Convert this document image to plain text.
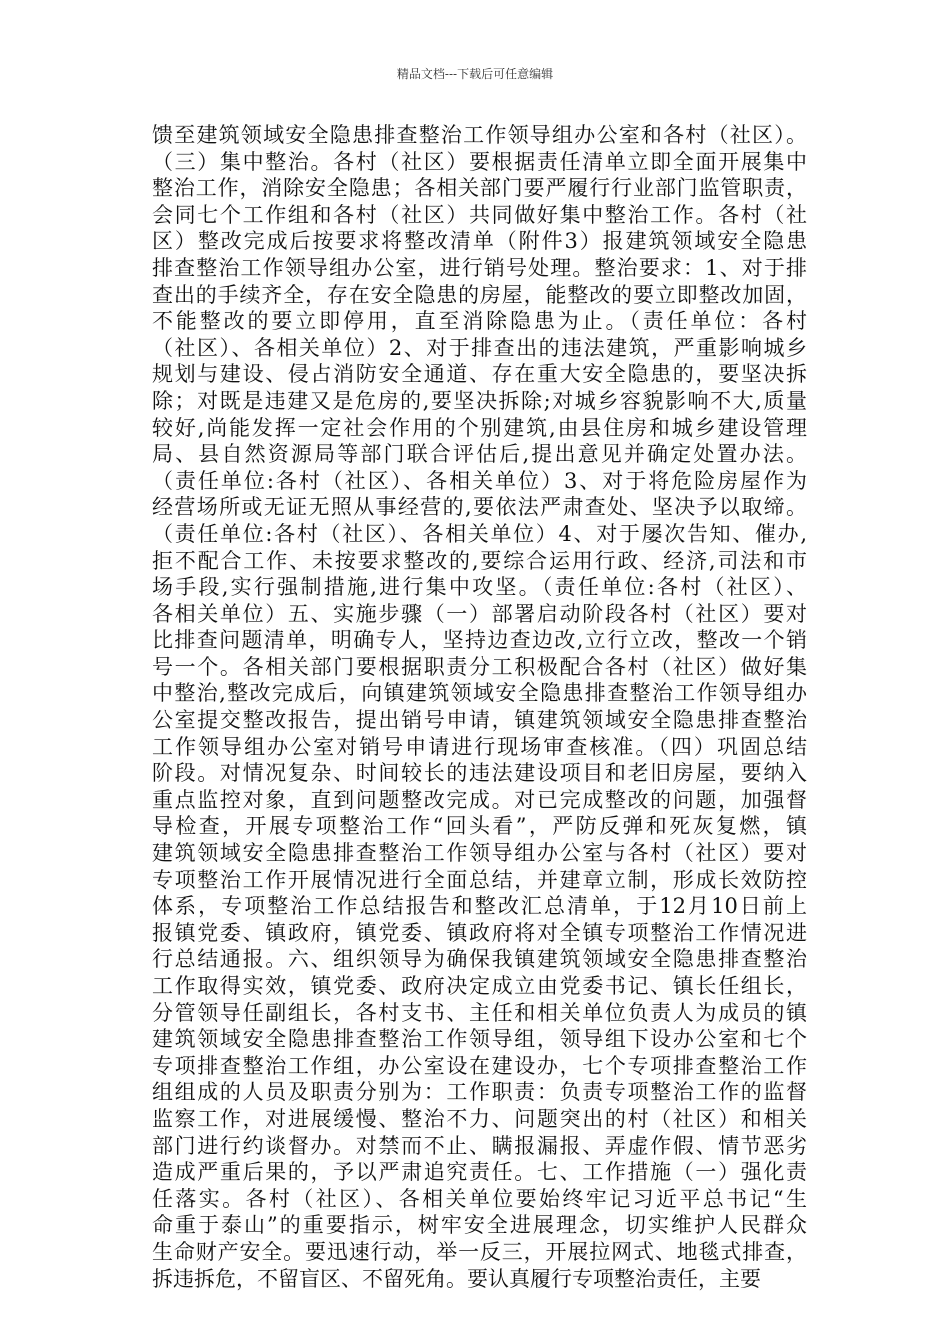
精品文档---下载后可任意编辑
馈至建筑领域安全隐患排查整治工作领导组办公室和各村（社区）。
（三）集中整治。各村（社区）要根据责任清单立即全面开展集中
整治工作，消除安全隐患；各相关部门要严履行行业部门监管职责，
会同七个工作组和各村（社区）共同做好集中整治工作。各村（社
区）整改完成后按要求将整改清单（附件3）报建筑领域安全隐患
排查整治工作领导组办公室，进行销号处理。整治要求：1、对于排
查出的手续齐全，存在安全隐患的房屋，能整改的要立即整改加固，
不能整改的要立即停用，直至消除隐患为止。（责任单位：各村
（社区）、各相关单位）2、对于排查出的违法建筑，严重影响城乡
规划与建设、侵占消防安全通道、存在重大安全隐患的，要坚决拆
除；对既是违建又是危房的,要坚决拆除;对城乡容貌影响不大,质量
较好,尚能发挥一定社会作用的个别建筑,由县住房和城乡建设管理
局、县自然资源局等部门联合评估后,提出意见并确定处置办法。
（责任单位:各村（社区）、各相关单位）3、对于将危险房屋作为
经营场所或无证无照从事经营的,要依法严肃查处、坚决予以取缔。
（责任单位:各村（社区）、各相关单位）4、对于屡次告知、催办,
拒不配合工作、未按要求整改的,要综合运用行政、经济,司法和市
场手段,实行强制措施,进行集中攻坚。（责任单位:各村（社区）、
各相关单位）五、实施步骤（一）部署启动阶段各村（社区）要对
比排查问题清单，明确专人，坚持边查边改,立行立改，整改一个销
号一个。各相关部门要根据职责分工积极配合各村（社区）做好集
中整治,整改完成后，向镇建筑领域安全隐患排查整治工作领导组办
公室提交整改报告，提出销号申请，镇建筑领域安全隐患排查整治
工作领导组办公室对销号申请进行现场审查核准。（四）巩固总结
阶段。对情况复杂、时间较长的违法建设项目和老旧房屋，要纳入
重点监控对象，直到问题整改完成。对已完成整改的问题，加强督
导检查，开展专项整治工作“回头看”，严防反弹和死灰复燃，镇
建筑领域安全隐患排查整治工作领导组办公室与各村（社区）要对
专项整治工作开展情况进行全面总结，并建章立制，形成长效防控
体系，专项整治工作总结报告和整改汇总清单，于12月10日前上
报镇党委、镇政府，镇党委、镇政府将对全镇专项整治工作情况进
行总结通报。六、组织领导为确保我镇建筑领域安全隐患排查整治
工作取得实效，镇党委、政府决定成立由党委书记、镇长任组长，
分管领导任副组长，各村支书、主任和相关单位负责人为成员的镇
建筑领域安全隐患排查整治工作领导组，领导组下设办公室和七个
专项排查整治工作组，办公室设在建设办，七个专项排查整治工作
组组成的人员及职责分别为：工作职责：负责专项整治工作的监督
监察工作，对进展缓慢、整治不力、问题突出的村（社区）和相关
部门进行约谈督办。对禁而不止、瞒报漏报、弄虚作假、情节恶劣
造成严重后果的，予以严肃追究责任。七、工作措施（一）强化责
任落实。各村（社区）、各相关单位要始终牢记习近平总书记“生
命重于泰山”的重要指示，树牢安全进展理念，切实维护人民群众
生命财产安全。要迅速行动，举一反三，开展拉网式、地毯式排查，
拆违拆危，不留盲区、不留死角。要认真履行专项整治责任，主要
